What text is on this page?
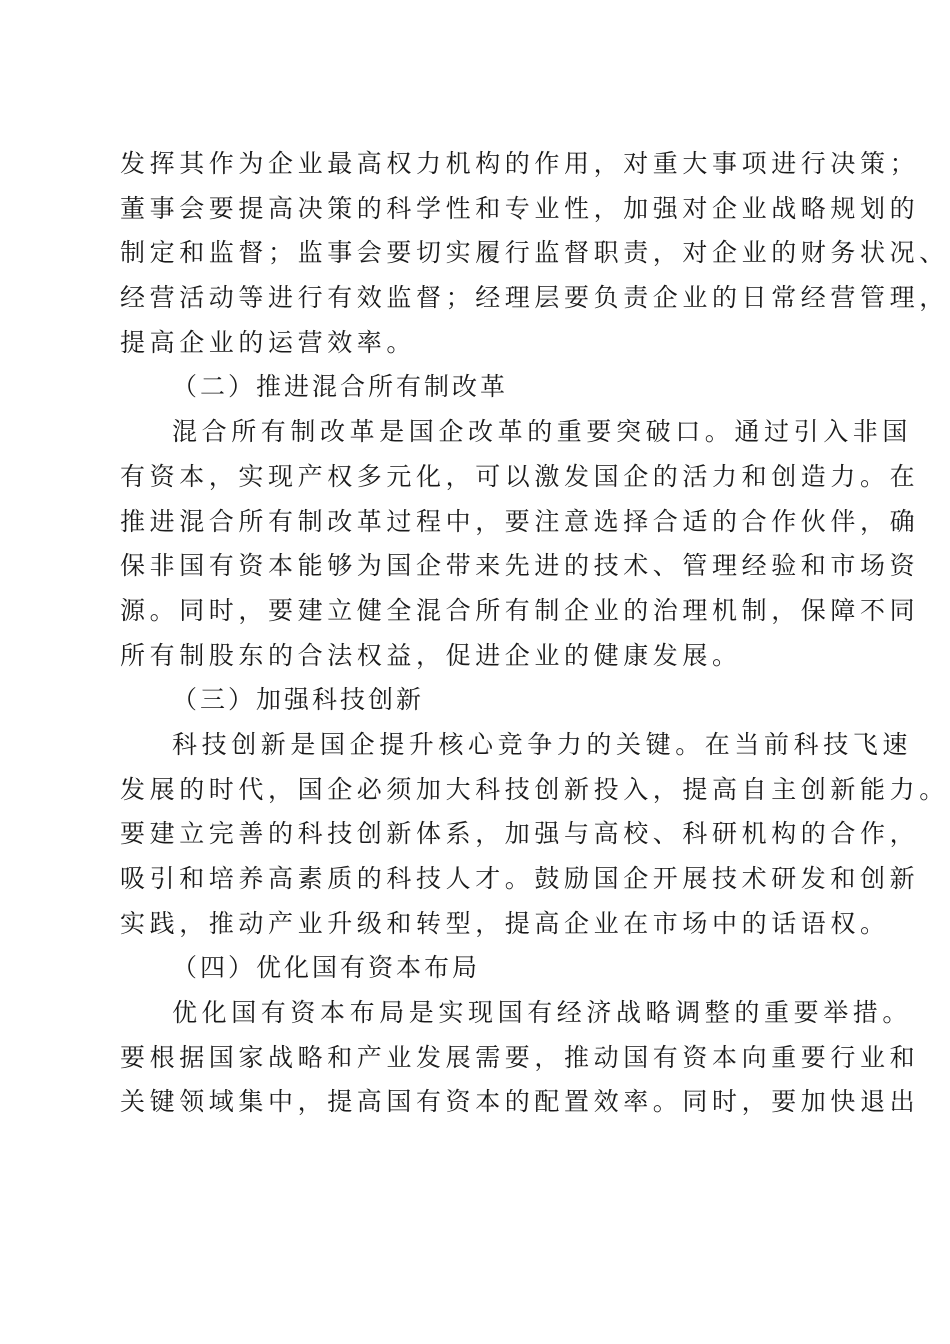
发挥其作为企业最高权力机构的作用，对重大事项进行决策；
董事会要提高决策的科学性和专业性，加强对企业战略规划的
制定和监督；监事会要切实履行监督职责，对企业的财务状况、
经营活动等进行有效监督；经理层要负责企业的日常经营管理，
提高企业的运营效率。
（二）推进混合所有制改革
混合所有制改革是国企改革的重要突破口。通过引入非国
有资本，实现产权多元化，可以激发国企的活力和创造力。在
推进混合所有制改革过程中，要注意选择合适的合作伙伴，确
保非国有资本能够为国企带来先进的技术、管理经验和市场资
源。同时，要建立健全混合所有制企业的治理机制，保障不同
所有制股东的合法权益，促进企业的健康发展。
（三）加强科技创新
科技创新是国企提升核心竞争力的关键。在当前科技飞速
发展的时代，国企必须加大科技创新投入，提高自主创新能力。
要建立完善的科技创新体系，加强与高校、科研机构的合作，
吸引和培养高素质的科技人才。鼓励国企开展技术研发和创新
实践，推动产业升级和转型，提高企业在市场中的话语权。
（四）优化国有资本布局
优化国有资本布局是实现国有经济战略调整的重要举措。
要根据国家战略和产业发展需要，推动国有资本向重要行业和
关键领域集中，提高国有资本的配置效率。同时，要加快退出
